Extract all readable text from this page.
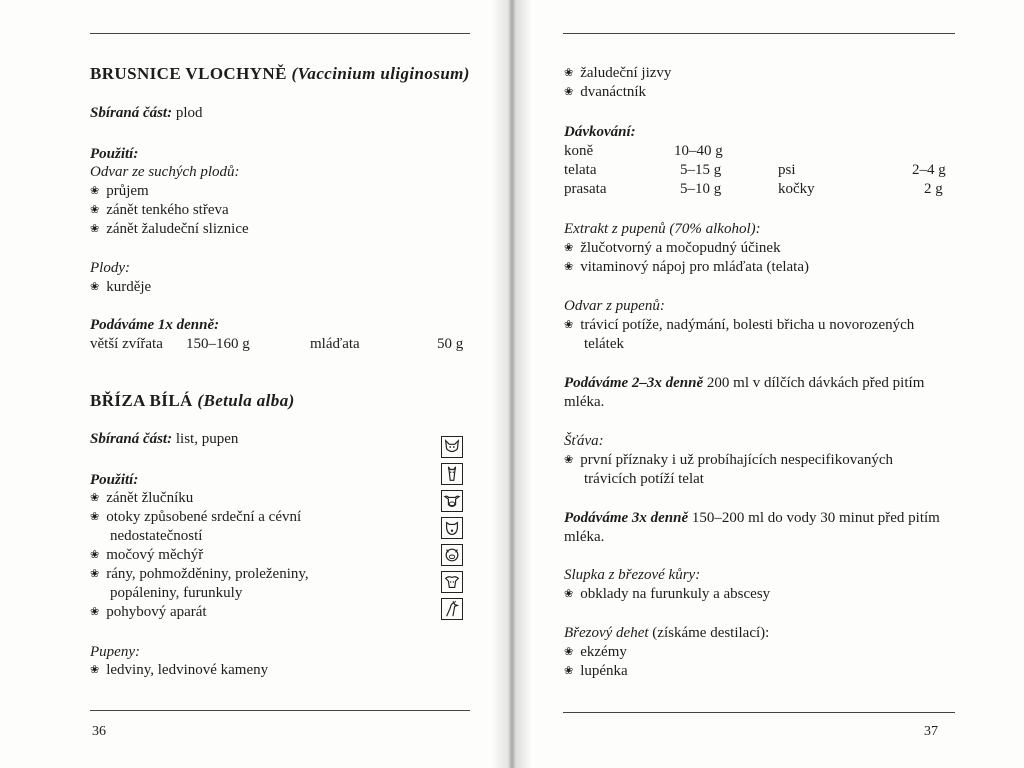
BRUSNICE VLOCHYNĚ (Vaccinium uliginosum)
Sbíraná část: plod
Použití:
Odvar ze suchých plodů:
❀ průjem
❀ zánět tenkého střeva
❀ zánět žaludeční sliznice
Plody:
❀ kurděje
Podáváme 1x denně:
větší zvířata 150–160 g	mláďata	50 g
BŘÍZA BÍLÁ (Betula alba)
Sbíraná část: list, pupen
Použití:
❀ zánět žlučníku
❀ otoky způsobené srdeční a cévní
nedostatečností
❀ močový měchýř
❀ rány, pohmožděniny, proleženiny,
popáleniny, furunkuly
❀ pohybový aparát
Pupeny:
❀ ledviny, ledvinové kameny
36
❀ žaludeční jizvy
❀ dvanáctník
Dávkování:
koně	10–40 g
telata	5–15 g	psi	2–4 g
prasata	5–10 g	kočky	2 g
Extrakt z pupenů (70% alkohol):
❀ žlučotvorný a močopudný účinek
❀ vitaminový nápoj pro mláďata (telata)
Odvar z pupenů:
❀ trávicí potíže, nadýmání, bolesti břicha u novorozených
telátek
Podáváme 2–3x denně 200 ml v dílčích dávkách před pitím
mléka.
Šťáva:
❀ první příznaky i už probíhajících nespecifikovaných
trávicích potíží telat
Podáváme 3x denně 150–200 ml do vody 30 minut před pitím
mléka.
Slupka z březové kůry:
❀ obklady na furunkuly a abscesy
Březový dehet (získáme destilací):
❀ ekzémy
❀ lupénka
37
